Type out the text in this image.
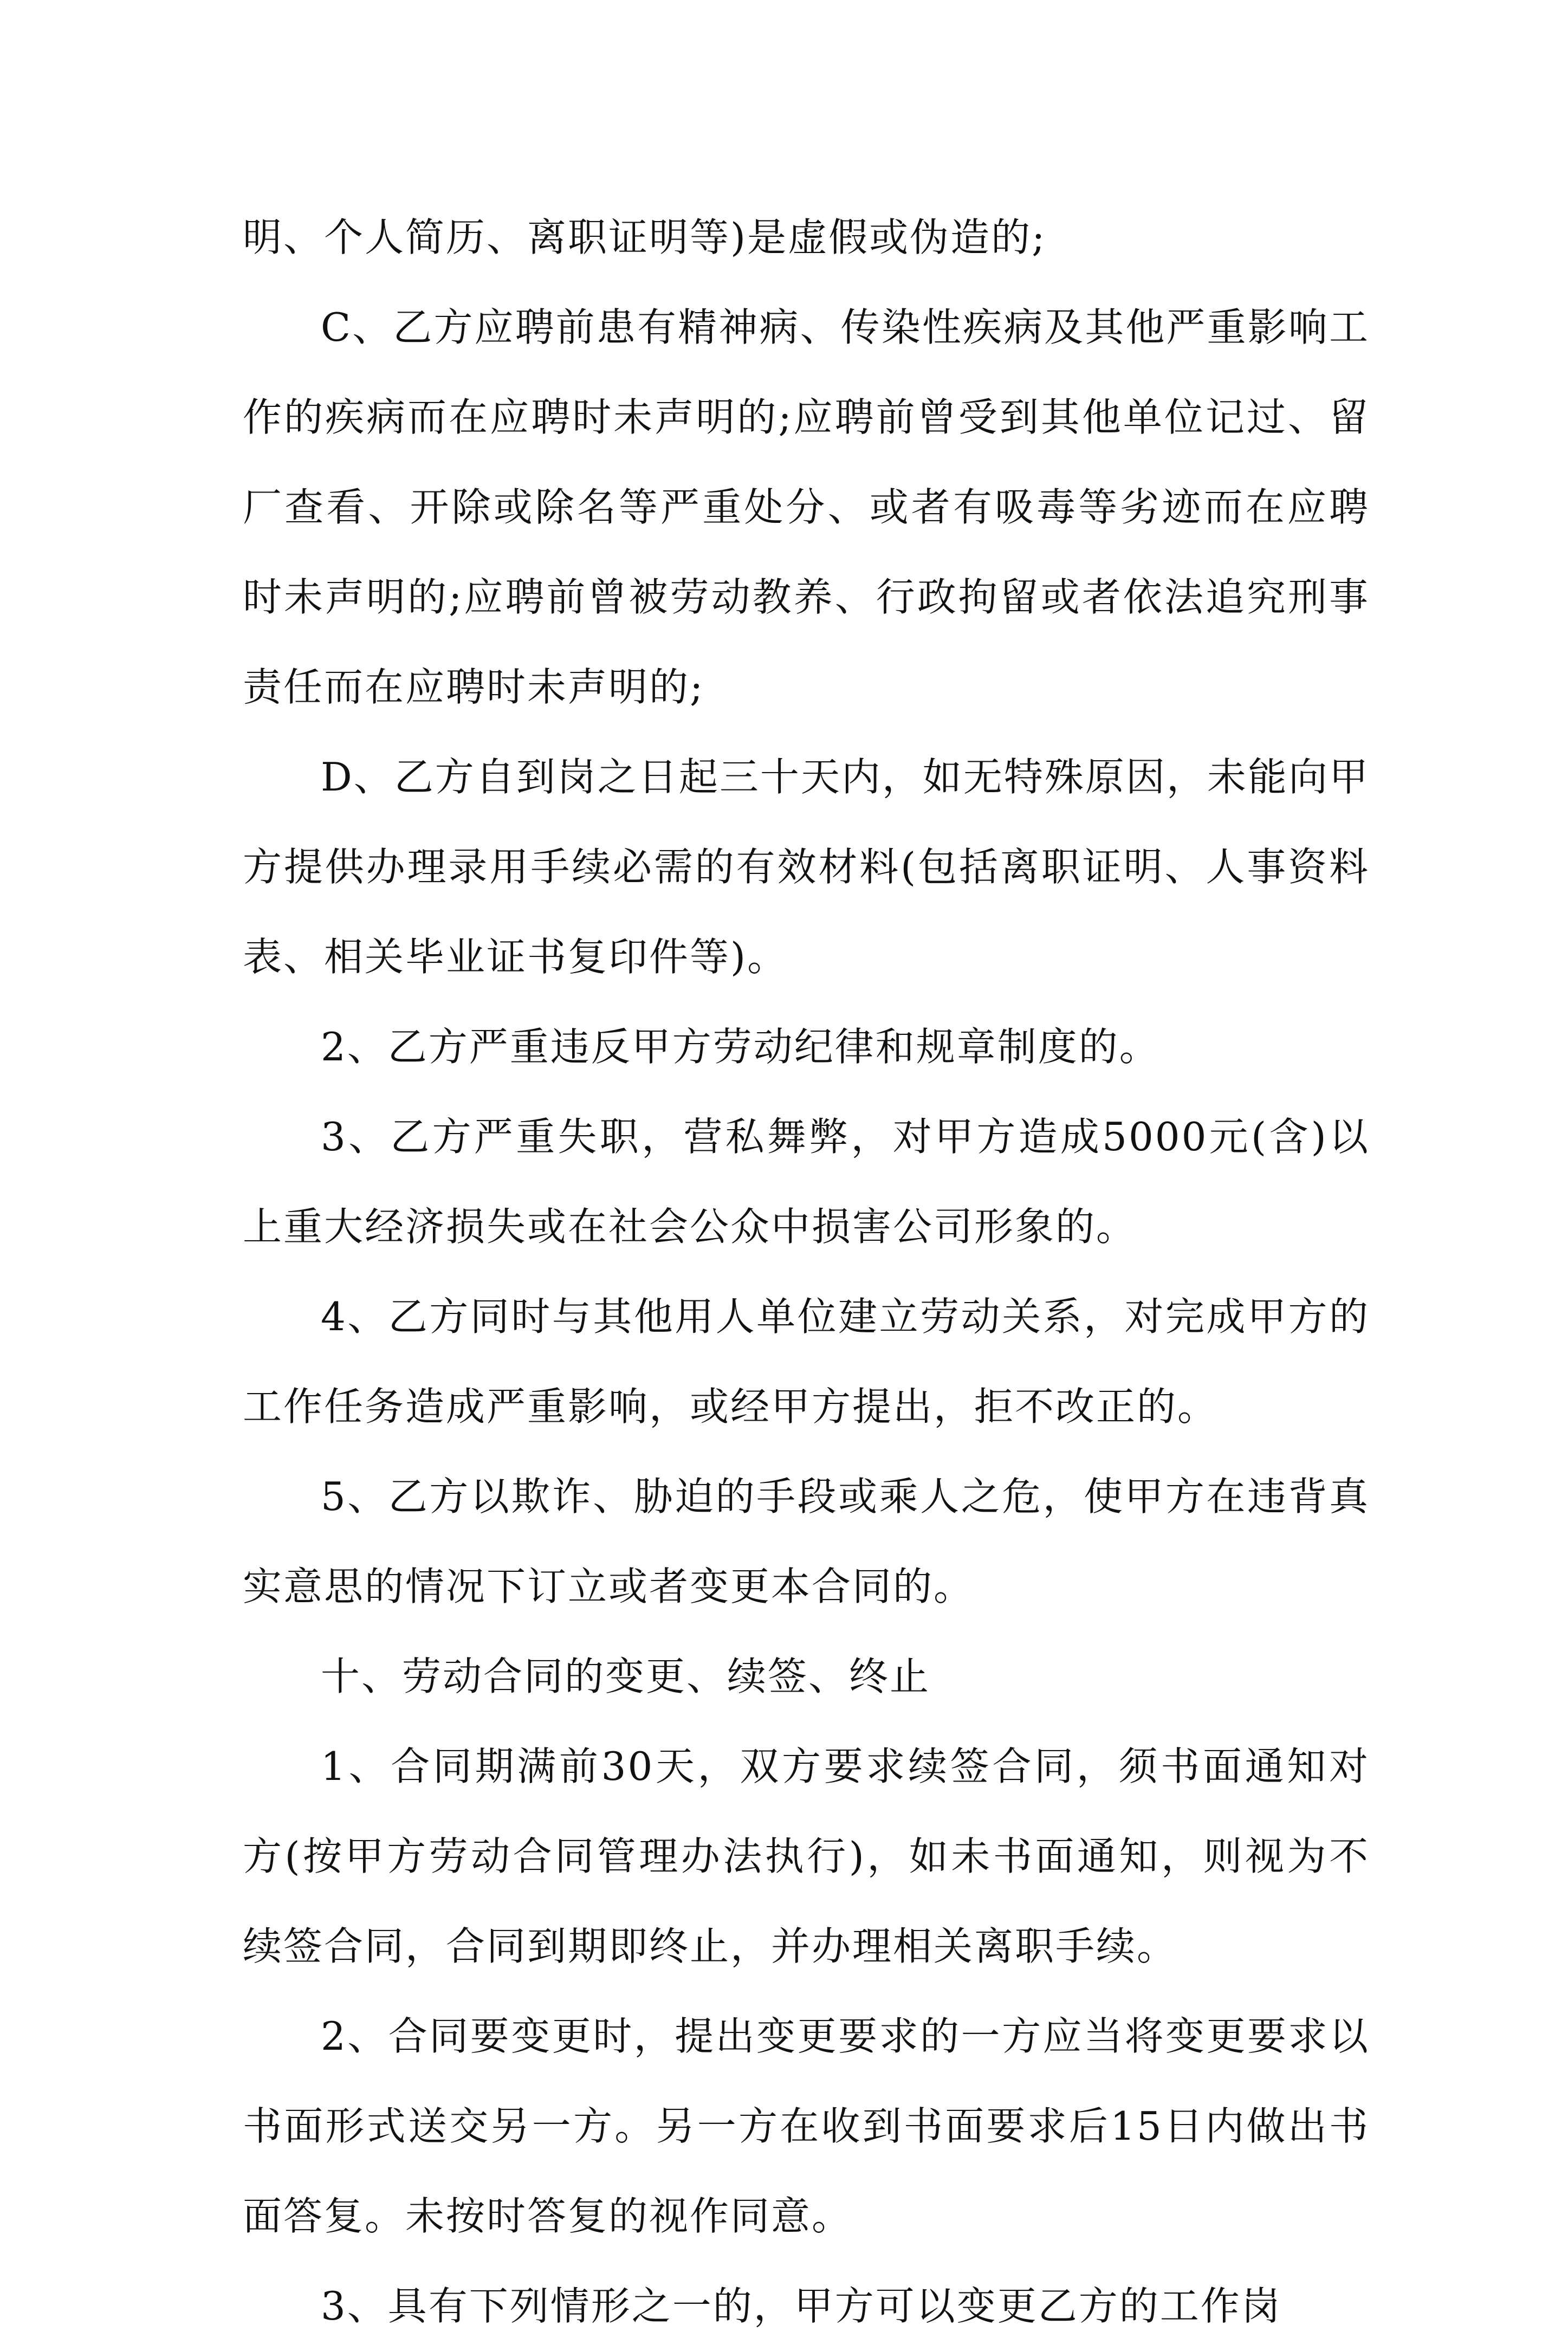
明、个人简历、离职证明等)是虚假或伪造的;

C、乙方应聘前患有精神病、传染性疾病及其他严重影响工作的疾病而在应聘时未声明的;应聘前曾受到其他单位记过、留厂查看、开除或除名等严重处分、或者有吸毒等劣迹而在应聘时未声明的;应聘前曾被劳动教养、行政拘留或者依法追究刑事责任而在应聘时未声明的;

D、乙方自到岗之日起三十天内，如无特殊原因，未能向甲方提供办理录用手续必需的有效材料(包括离职证明、人事资料表、相关毕业证书复印件等)。

2、乙方严重违反甲方劳动纪律和规章制度的。

3、乙方严重失职，营私舞弊，对甲方造成5000元(含)以上重大经济损失或在社会公众中损害公司形象的。

4、乙方同时与其他用人单位建立劳动关系，对完成甲方的工作任务造成严重影响，或经甲方提出，拒不改正的。

5、乙方以欺诈、胁迫的手段或乘人之危，使甲方在违背真实意思的情况下订立或者变更本合同的。

十、劳动合同的变更、续签、终止

1、合同期满前30天，双方要求续签合同，须书面通知对方(按甲方劳动合同管理办法执行)，如未书面通知，则视为不续签合同，合同到期即终止，并办理相关离职手续。

2、合同要变更时，提出变更要求的一方应当将变更要求以书面形式送交另一方。另一方在收到书面要求后15日内做出书面答复。未按时答复的视作同意。

3、具有下列情形之一的，甲方可以变更乙方的工作岗
